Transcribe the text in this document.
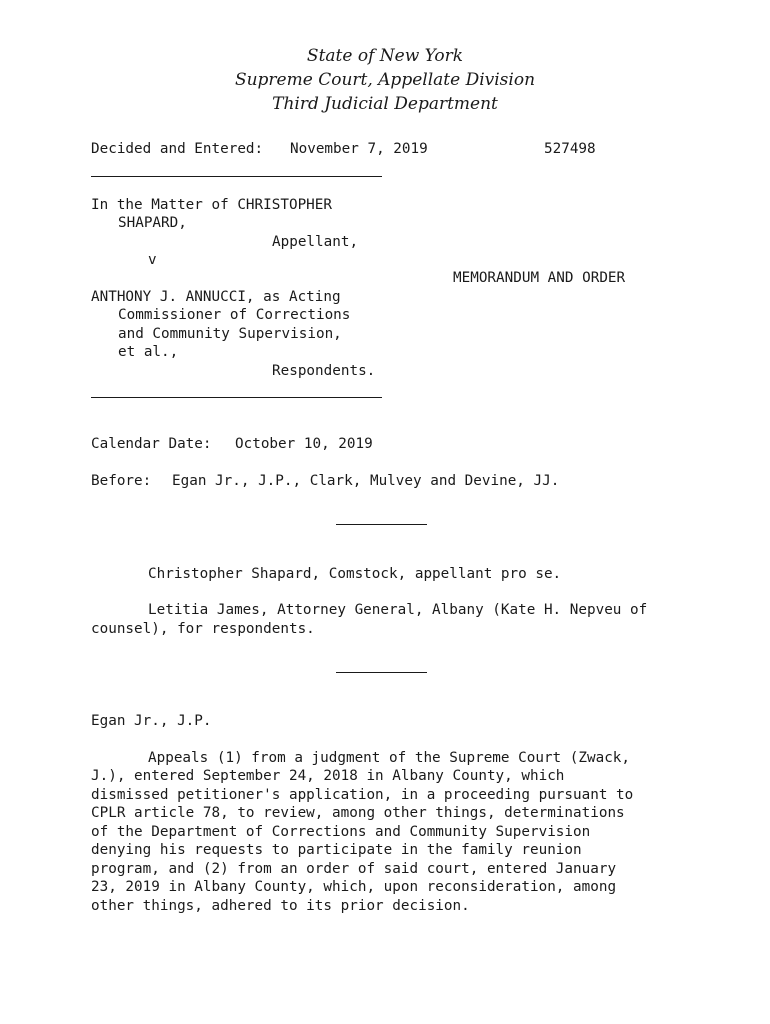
State of New York
Supreme Court, Appellate Division
Third Judicial Department
Decided and Entered: November 7, 2019	527498
In the Matter of CHRISTOPHER
SHAPARD,
Appellant,
v
MEMORANDUM AND ORDER
ANTHONY J. ANNUCCI, as Acting
Commissioner of Corrections
and Community Supervision,
et al.,
Respondents.
Calendar Date: October 10, 2019
Before: Egan Jr., J.P., Clark, Mulvey and Devine, JJ.
Christopher Shapard, Comstock, appellant pro se.
Letitia James, Attorney General, Albany (Kate H. Nepveu of
counsel), for respondents.
Egan Jr., J.P.
Appeals (1) from a judgment of the Supreme Court (Zwack,
J.), entered September 24, 2018 in Albany County, which
dismissed petitioner's application, in a proceeding pursuant to
CPLR article 78, to review, among other things, determinations
of the Department of Corrections and Community Supervision
denying his requests to participate in the family reunion
program, and (2) from an order of said court, entered January
23, 2019 in Albany County, which, upon reconsideration, among
other things, adhered to its prior decision.
